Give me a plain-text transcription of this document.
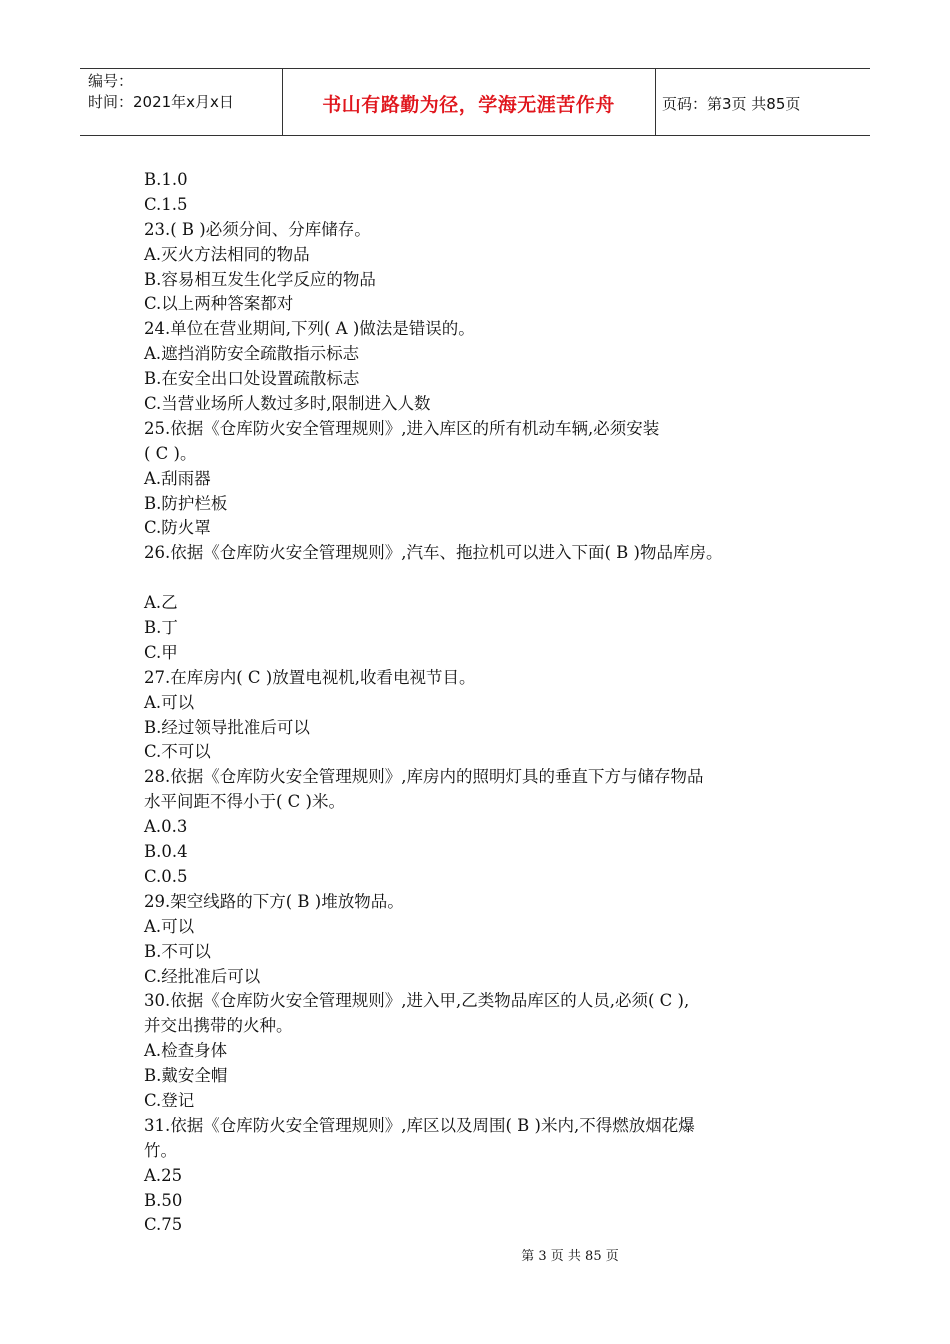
编号：
时间：2021年x月x日	书山有路勤为径，学海无涯苦作舟	页码：第3页 共85页
B.1.0
C.1.5
23.( B )必须分间、分库储存。
A.灭火方法相同的物品
B.容易相互发生化学反应的物品
C.以上两种答案都对
24.单位在营业期间,下列( A )做法是错误的。
A.遮挡消防安全疏散指示标志
B.在安全出口处设置疏散标志
C.当营业场所人数过多时,限制进入人数
25.依据《仓库防火安全管理规则》,进入库区的所有机动车辆,必须安装
( C )。
A.刮雨器
B.防护栏板
C.防火罩
26.依据《仓库防火安全管理规则》,汽车、拖拉机可以进入下面( B )物品库房。
A.乙
B.丁
C.甲
27.在库房内( C )放置电视机,收看电视节目。
A.可以
B.经过领导批准后可以
C.不可以
28.依据《仓库防火安全管理规则》,库房内的照明灯具的垂直下方与储存物品
水平间距不得小于( C )米。
A.0.3
B.0.4
C.0.5
29.架空线路的下方( B )堆放物品。
A.可以
B.不可以
C.经批准后可以
30.依据《仓库防火安全管理规则》,进入甲,乙类物品库区的人员,必须( C ),
并交出携带的火种。
A.检查身体
B.戴安全帽
C.登记
31.依据《仓库防火安全管理规则》,库区以及周围( B )米内,不得燃放烟花爆
竹。
A.25
B.50
C.75
第 3 页 共 85 页
